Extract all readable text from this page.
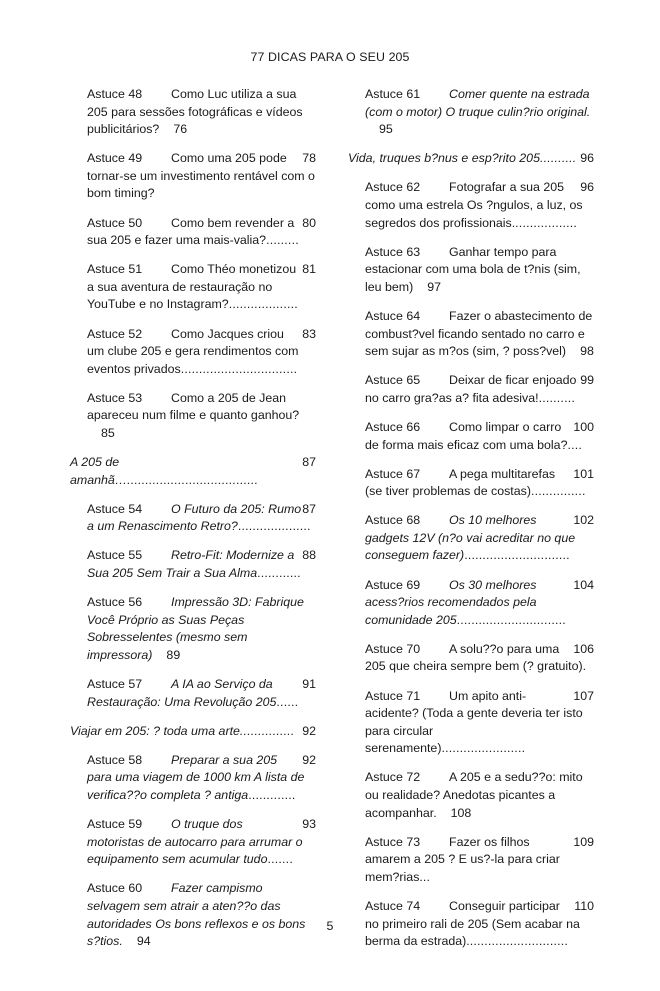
77 DICAS PARA O SEU 205
Astuce 48 Como Luc utiliza a sua 205 para sessões fotográficas e vídeos publicitários? 76
78
Astuce 49 Como uma 205 pode tornar-se um investimento rentável com o bom timing?
80
Astuce 50 Como bem revender a sua 205 e fazer uma mais-valia?.........
81
Astuce 51 Como Théo monetizou a sua aventura de restauração no YouTube e no Instagram?...................
83
Astuce 52 Como Jacques criou um clube 205 e gera rendimentos com eventos privados................................
Astuce 53 Como a 205 de Jean apareceu num filme e quanto ganhou?85
87
A 205 de amanhã…....................................
87
Astuce 54 O Futuro da 205: Rumo a um Renascimento Retro?....................
88
Astuce 55 Retro-Fit: Modernize a Sua 205 Sem Trair a Sua Alma............
Astuce 56 Impressão 3D: Fabrique Você Próprio as Suas Peças Sobresselentes (mesmo sem impressora) 89
91
Astuce 57 A IA ao Serviço da Restauração: Uma Revolução 205......
92
Viajar em 205: ? toda uma arte...............
92
Astuce 58 Preparar a sua 205 para uma viagem de 1000 km A lista de verifica??o completa ? antiga.............
93
Astuce 59 O truque dos motoristas de autocarro para arrumar o equipamento sem acumular tudo.......
Astuce 60 Fazer campismo selvagem sem atrair a aten??o das autoridades Os bons reflexos e os bons s?tios. 94
Astuce 61 Comer quente na estrada (com o motor) O truque culin?rio original.95
96
Vida, truques b?nus e esp?rito 205..........
96
Astuce 62 Fotografar a sua 205 como uma estrela Os ?ngulos, a luz, os segredos dos profissionais..................
Astuce 63 Ganhar tempo para estacionar com uma bola de t?nis (sim, leu bem) 97
Astuce 64 Fazer o abastecimento de combust?vel ficando sentado no carro e sem sujar as m?os (sim, ? poss?vel) 98
99
Astuce 65 Deixar de ficar enjoado no carro gra?as a? fita adesiva!..........
100
Astuce 66 Como limpar o carro de forma mais eficaz com uma bola?....
101
Astuce 67 A pega multitarefas (se tiver problemas de costas)...............
102
Astuce 68 Os 10 melhores gadgets 12V (n?o vai acreditar no que conseguem fazer).............................
104
Astuce 69 Os 30 melhores acess?rios recomendados pela comunidade 205..............................
106
Astuce 70 A solu??o para uma 205 que cheira sempre bem (? gratuito).
107
Astuce 71 Um apito anti-acidente? (Toda a gente deveria ter isto para circular serenamente).......................
Astuce 72 A 205 e a sedu??o: mito ou realidade? Anedotas picantes a acompanhar. 108
109
Astuce 73 Fazer os filhos amarem a 205 ? E us?-la para criar mem?rias...
110
Astuce 74 Conseguir participar no primeiro rali de 205 (Sem acabar na berma da estrada)............................
5
